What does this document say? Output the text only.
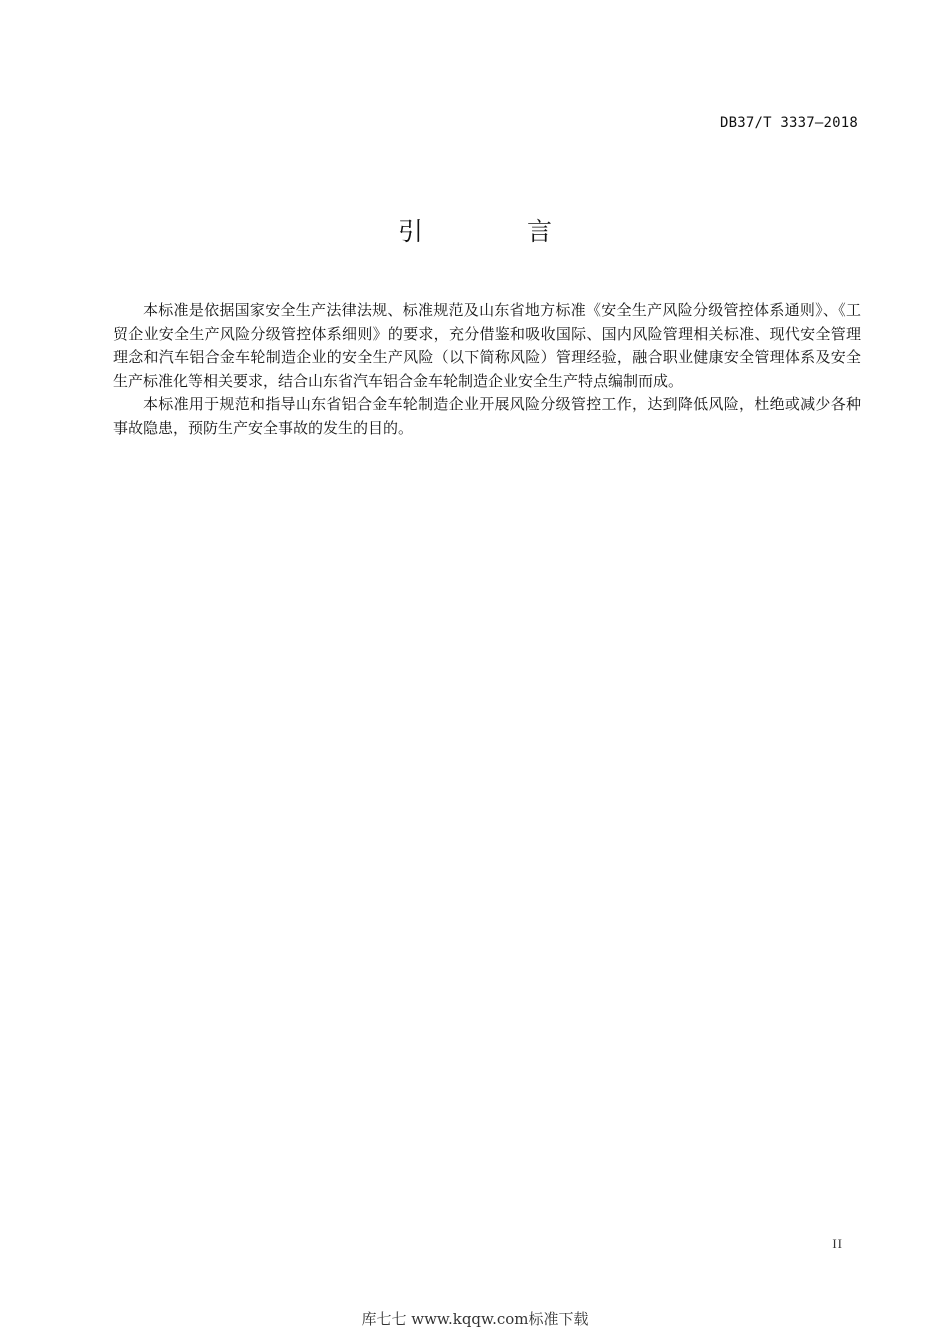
DB37/T 3337—2018
引 言

本标准是依据国家安全生产法律法规、标准规范及山东省地方标准《安全生产风险分级管控体系通则》、《工贸企业安全生产风险分级管控体系细则》的要求，充分借鉴和吸收国际、国内风险管理相关标准、现代安全管理理念和汽车铝合金车轮制造企业的安全生产风险（以下简称风险）管理经验，融合职业健康安全管理体系及安全生产标准化等相关要求，结合山东省汽车铝合金车轮制造企业安全生产特点编制而成。

本标准用于规范和指导山东省铝合金车轮制造企业开展风险分级管控工作，达到降低风险，杜绝或减少各种事故隐患，预防生产安全事故的发生的目的。

II
库七七 www.kqqw.com标准下载
